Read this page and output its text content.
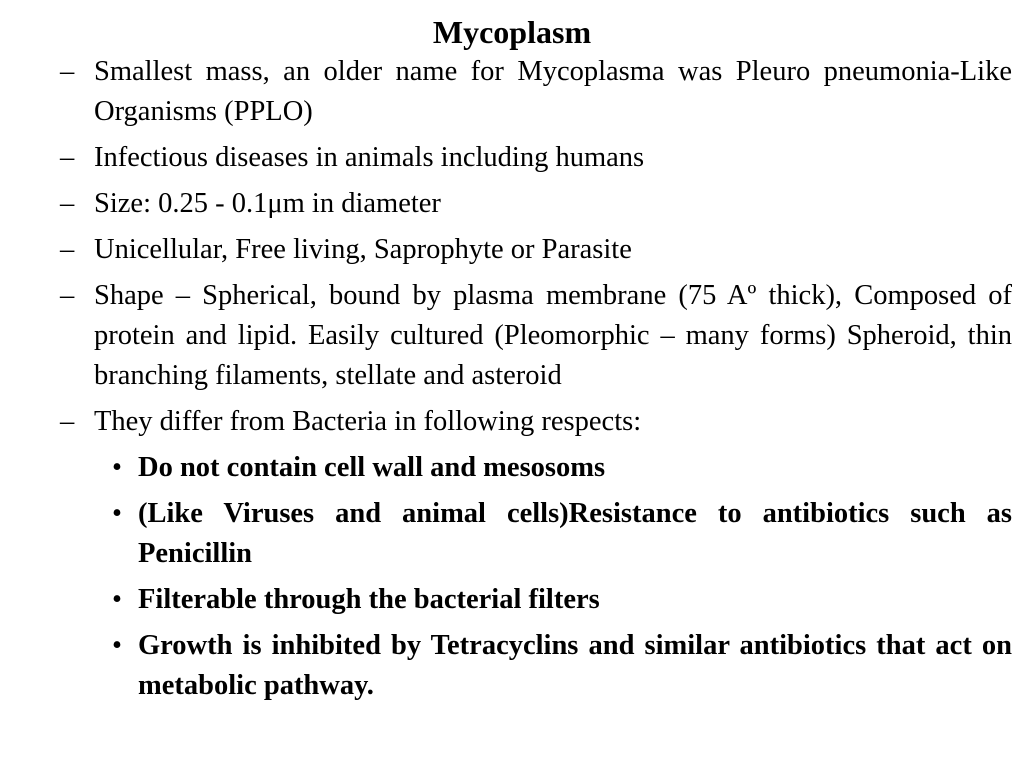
Mycoplasm
– Smallest mass, an older name for Mycoplasma was Pleuro pneumonia-Like Organisms (PPLO)
– Infectious diseases in animals including humans
– Size: 0.25 - 0.1μm in diameter
– Unicellular, Free living, Saprophyte or Parasite
– Shape – Spherical, bound by plasma membrane (75 Aº thick), Composed of protein and lipid. Easily cultured (Pleomorphic – many forms) Spheroid, thin branching filaments, stellate and asteroid
– They differ from Bacteria in following respects:
• Do not contain cell wall and mesosoms
• (Like Viruses and animal cells)Resistance to antibiotics such as Penicillin
• Filterable through the bacterial filters
• Growth is inhibited by Tetracyclins and similar antibiotics that act on metabolic pathway.
